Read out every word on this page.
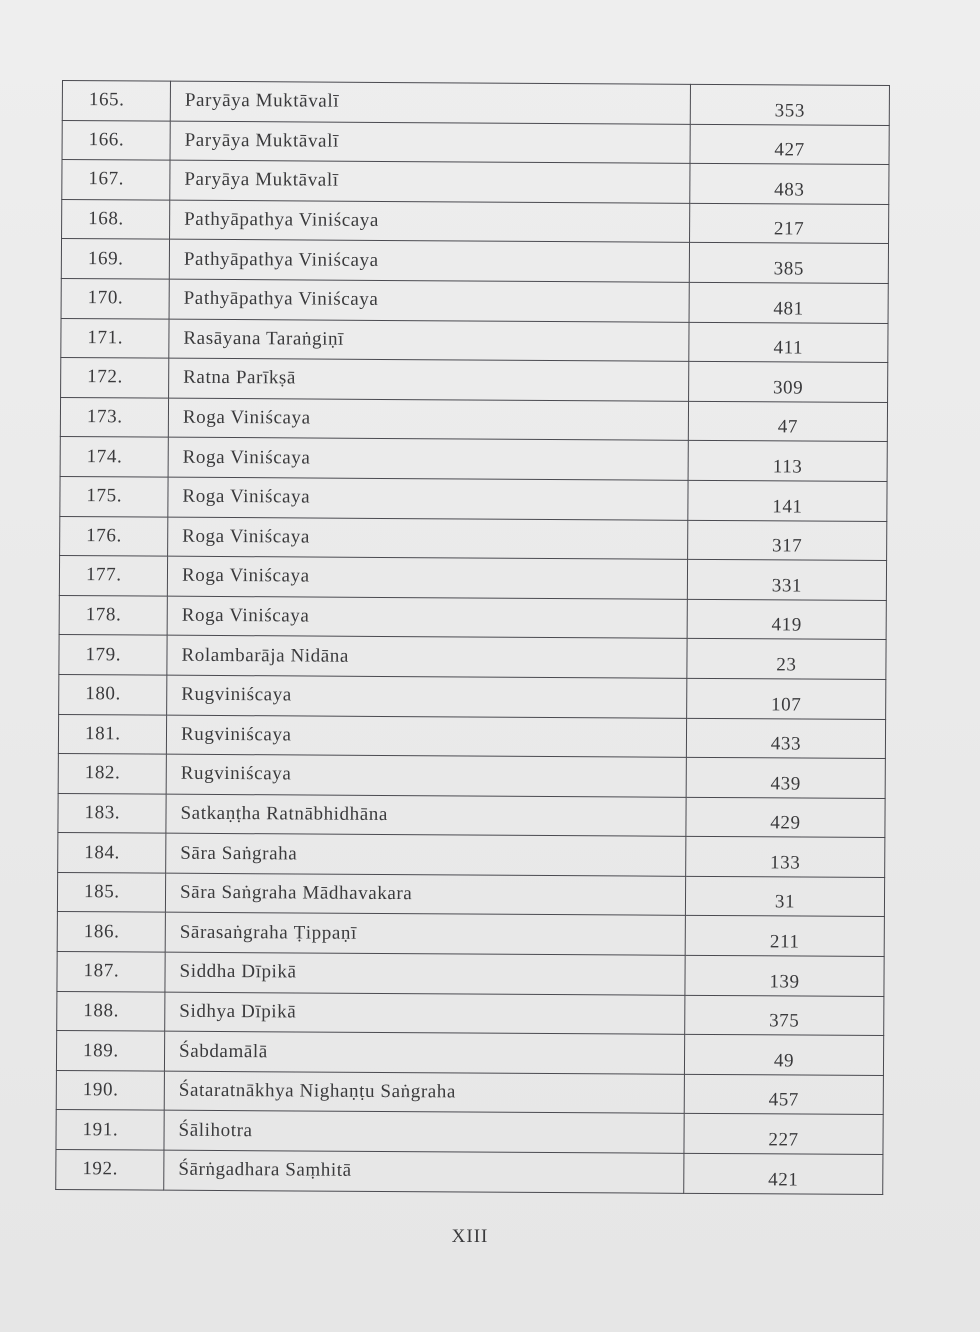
165.	Paryāya Muktāvalī	353
166.	Paryāya Muktāvalī	427
167.	Paryāya Muktāvalī	483
168.	Pathyāpathya Viniścaya	217
169.	Pathyāpathya Viniścaya	385
170.	Pathyāpathya Viniścaya	481
171.	Rasāyana Taraṅgiṇī	411
172.	Ratna Parīkṣā	309
173.	Roga Viniścaya	47
174.	Roga Viniścaya	113
175.	Roga Viniścaya	141
176.	Roga Viniścaya	317
177.	Roga Viniścaya	331
178.	Roga Viniścaya	419
179.	Rolambarāja Nidāna	23
180.	Rugviniścaya	107
181.	Rugviniścaya	433
182.	Rugviniścaya	439
183.	Satkaṇṭha Ratnābhidhāna	429
184.	Sāra Saṅgraha	133
185.	Sāra Saṅgraha Mādhavakara	31
186.	Sārasaṅgraha Ṭippaṇī	211
187.	Siddha Dīpikā	139
188.	Sidhya Dīpikā	375
189.	Śabdamālā	49
190.	Śataratnākhya Nighaṇṭu Saṅgraha	457
191.	Śālihotra	227
192.	Śārṅgadhara Saṃhitā	421
XIII
